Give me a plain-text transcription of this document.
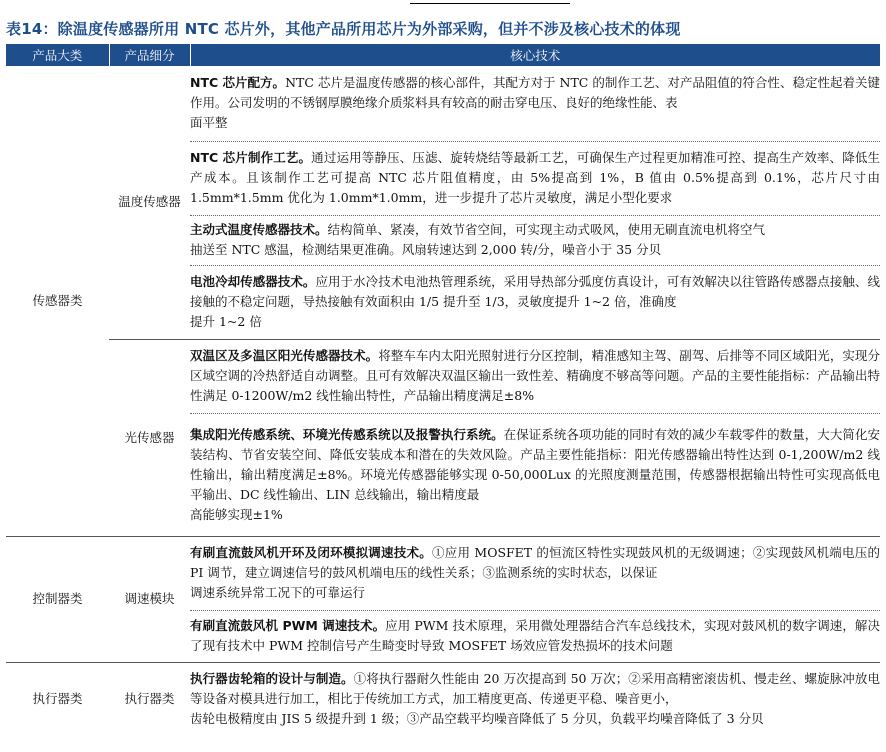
表14：除温度传感器所用 NTC 芯片外，其他产品所用芯片为外部采购，但并不涉及核心技术的体现
产品大类	产品细分	核心技术
传感器类	温度传感器	NTC 芯片配方。NTC 芯片是温度传感器的核心部件，其配方对于 NTC 的制作工艺、对产品阻值的符合性、稳定性起着关键作用。公司发明的不锈钢厚膜绝缘介质浆料具有较高的耐击穿电压、良好的绝缘性能、表
面平整

		NTC 芯片制作工艺。通过运用等静压、压滤、旋转烧结等最新工艺，可确保生产过程更加精准可控、提高生产效率、降低生产成本。且该制作工艺可提高 NTC 芯片阻值精度，由 5%提高到 1%，B 值由 0.5%提高到 0.1%，芯片尺寸由 1.5mm*1.5mm 优化为 1.0mm*1.0mm，进一步提升了芯片灵敏度，满足小型化要求
		主动式温度传感器技术。结构简单、紧凑，有效节省空间，可实现主动式吸风，使用无刷直流电机将空气
抽送至 NTC 感温，检测结果更准确。风扇转速达到 2,000 转/分，噪音小于 35 分贝

		电池冷却传感器技术。应用于水冷技术电池热管理系统，采用导热部分弧度仿真设计，可有效解决以往管路传感器点接触、线接触的不稳定问题，导热接触有效面积由 1/5 提升至 1/3，灵敏度提升 1~2 倍，准确度
提升 1~2 倍

	光传感器	双温区及多温区阳光传感器技术。将整车车内太阳光照射进行分区控制，精准感知主驾、副驾、后排等不同区域阳光，实现分区域空调的冷热舒适自动调整。且可有效解决双温区输出一致性差、精确度不够高等问题。产品的主要性能指标：产品输出特性满足 0-1200W/m2 线性输出特性，产品输出精度满足±8%
		集成阳光传感系统、环境光传感系统以及报警执行系统。在保证系统各项功能的同时有效的减少车载零件的数量，大大简化安装结构、节省安装空间、降低安装成本和潜在的失效风险。产品主要性能指标：阳光传感器输出特性达到 0-1,200W/m2 线性输出，输出精度满足±8%。环境光传感器能够实现 0-50,000Lux 的光照度测量范围，传感器根据输出特性可实现高低电平输出、DC 线性输出、LIN 总线输出，输出精度最
高能够实现±1%

控制器类	调速模块	有刷直流鼓风机开环及闭环模拟调速技术。①应用 MOSFET 的恒流区特性实现鼓风机的无级调速；②实现鼓风机端电压的 PI 调节，建立调速信号的鼓风机端电压的线性关系；③监测系统的实时状态，以保证
调速系统异常工况下的可靠运行

		有刷直流鼓风机 PWM 调速技术。应用 PWM 技术原理，采用微处理器结合汽车总线技术，实现对鼓风机的数字调速，解决了现有技术中 PWM 控制信号产生畸变时导致 MOSFET 场效应管发热损坏的技术问题
执行器类	执行器类	执行器齿轮箱的设计与制造。①将执行器耐久性能由 20 万次提高到 50 万次；②采用高精密滚齿机、慢走丝、螺旋脉冲放电等设备对模具进行加工，相比于传统加工方式，加工精度更高、传递更平稳、噪音更小，
齿轮电极精度由 JIS 5 级提升到 1 级；③产品空载平均噪音降低了 5 分贝，负载平均噪音降低了 3 分贝
